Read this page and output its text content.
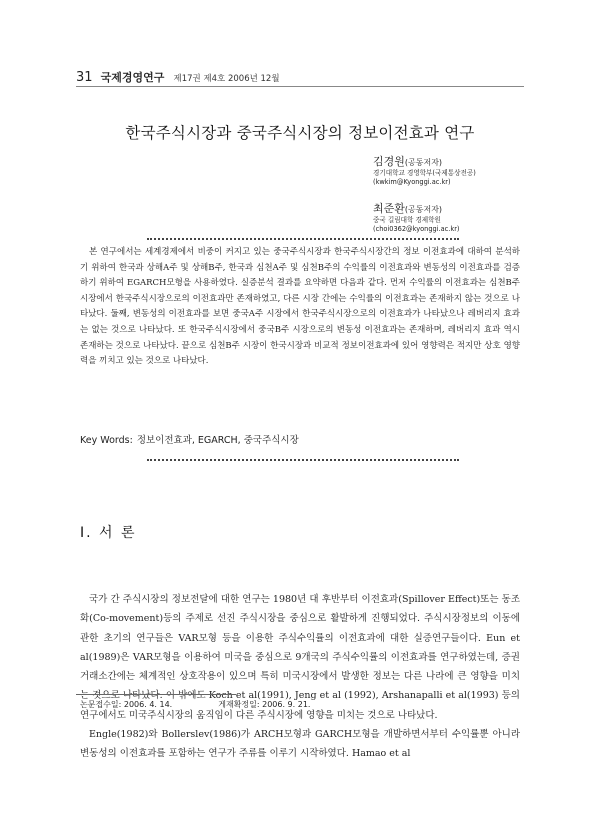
31 국제경영연구 제17권 제4호 2006년 12월
한국주식시장과 중국주식시장의 정보이전효과 연구
김경원(공동저자)
경기대학교 경영학부(국제통상전공)
(kwkim@Kyonggi.ac.kr)
최준환(공동저자)
중국 길림대학 경제학원
(choi0362@kyonggi.ac.kr)

본 연구에서는 세계경제에서 비중이 커지고 있는 중국주식시장과 한국주식시장간의 정보 이전효과에 대하여 분석하기 위하여 한국과 상해A주 및 상해B주, 한국과 심천A주 및 심천B주의 수익률의 이전효과와 변동성의 이전효과를 검증하기 위하여 EGARCH모형을 사용하였다. 실증분석 결과를 요약하면 다음과 같다. 먼저 수익률의 이전효과는 심천B주 시장에서 한국주식시장으로의 이전효과만 존재하였고, 다른 시장 간에는 수익률의 이전효과는 존재하지 않는 것으로 나타났다. 둘째, 변동성의 이전효과를 보면 중국A주 시장에서 한국주식시장으로의 이전효과가 나타났으나 레버리지 효과는 없는 것으로 나타났다. 또 한국주식시장에서 중국B주 시장으로의 변동성 이전효과는 존재하며, 레버리지 효과 역시 존재하는 것으로 나타났다. 끝으로 심천B주 시장이 한국시장과 비교적 정보이전효과에 있어 영향력은 적지만 상호 영향력을 끼치고 있는 것으로 나타났다.

Key Words: 정보이전효과, EGARCH, 중국주식시장
Ⅰ. 서 론

국가 간 주식시장의 정보전달에 대한 연구는 1980년 대 후반부터 이전효과(Spillover Effect)또는 동조화(Co-movement)등의 주제로 선진 주식시장을 중심으로 활발하게 진행되었다. 주식시장정보의 이동에 관한 초기의 연구들은 VAR모형 등을 이용한 주식수익률의 이전효과에 대한 실증연구들이다. Eun et al(1989)은 VAR모형을 이용하여 미국을 중심으로 9개국의 주식수익률의 이전효과를 연구하였는데, 증권거래소간에는 체계적인 상호작용이 있으며 특히 미국시장에서 발생한 정보는 다른 나라에 큰 영향을 미치는 것으로 나타났다. 이 밖에도 Koch et al(1991), Jeng et al (1992), Arshanapalli et al(1993) 등의 연구에서도 미국주식시장의 움직임이 다른 주식시장에 영향을 미치는 것으로 나타났다.

Engle(1982)와 Bollerslev(1986)가 ARCH모형과 GARCH모형을 개발하면서부터 수익률뿐 아니라 변동성의 이전효과를 포함하는 연구가 주류를 이루기 시작하였다. Hamao et al

논문접수일: 2006. 4. 14.	게재확정일: 2006. 9. 21.
